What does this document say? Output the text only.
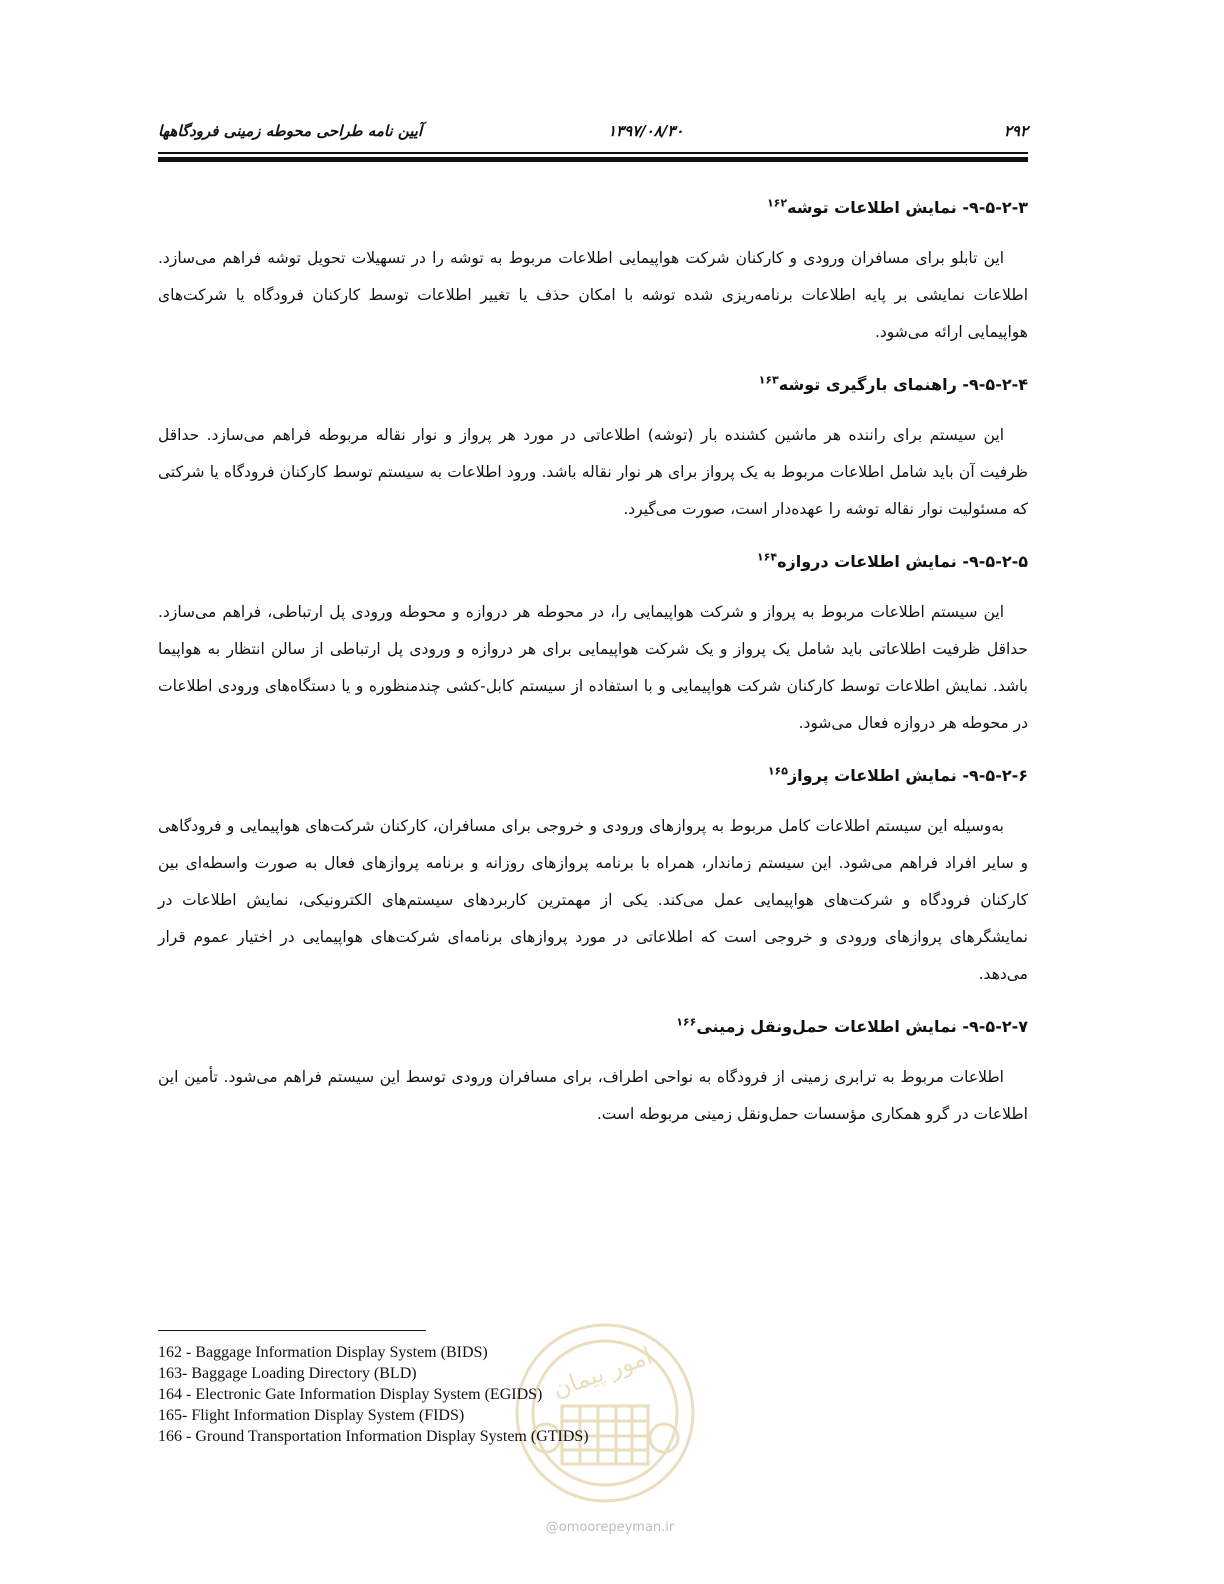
۲۹۲
۱۳۹۷/۰۸/۳۰
آیین نامه طراحی محوطه زمینی فرودگاهها
۹-۵-۲-۳- نمایش اطلاعات توشه$^{۱۶۲}$

این تابلو برای مسافران ورودی و کارکنان شرکت هواپیمایی اطلاعات مربوط به توشه را در تسهیلات تحویل توشه فراهم می‌سازد. اطلاعات نمایشی بر پایه اطلاعات برنامه‌ریزی شده توشه با امکان حذف یا تغییر اطلاعات توسط کارکنان فرودگاه یا شرکت‌های هواپیمایی ارائه می‌شود.

۹-۵-۲-۴- راهنمای بارگیری توشه$^{۱۶۳}$

این سیستم برای راننده هر ماشین کشنده بار (توشه) اطلاعاتی در مورد هر پرواز و نوار نقاله مربوطه فراهم می‌سازد. حداقل ظرفیت آن باید شامل اطلاعات مربوط به یک پرواز برای هر نوار نقاله باشد. ورود اطلاعات به سیستم توسط کارکنان فرودگاه یا شرکتی که مسئولیت نوار نقاله توشه را عهده‌دار است، صورت می‌گیرد.

۹-۵-۲-۵- نمایش اطلاعات دروازه$^{۱۶۴}$

این سیستم اطلاعات مربوط به پرواز و شرکت هواپیمایی را، در محوطه هر دروازه و محوطه ورودی پل ارتباطی، فراهم می‌سازد. حداقل ظرفیت اطلاعاتی باید شامل یک پرواز و یک شرکت هواپیمایی برای هر دروازه و ورودی پل ارتباطی از سالن انتظار به هواپیما باشد. نمایش اطلاعات توسط کارکنان شرکت هواپیمایی و با استفاده از سیستم کابل-کشی چندمنظوره و یا دستگاه‌های ورودی اطلاعات در محوطه هر دروازه فعال می‌شود.

۹-۵-۲-۶- نمایش اطلاعات پرواز$^{۱۶۵}$

به‌وسیله این سیستم اطلاعات کامل مربوط به پروازهای ورودی و خروجی برای مسافران، کارکنان شرکت‌های هواپیمایی و فرودگاهی و سایر افراد فراهم می‌شود. این سیستم زماندار، همراه با برنامه پروازهای روزانه و برنامه پروازهای فعال به صورت واسطه‌ای بین کارکنان فرودگاه و شرکت‌های هواپیمایی عمل می‌کند. یکی از مهمترین کاربردهای سیستم‌های الکترونیکی، نمایش اطلاعات در نمایشگرهای پروازهای ورودی و خروجی است که اطلاعاتی در مورد پروازهای برنامه‌ای شرکت‌های هواپیمایی در اختیار عموم قرار می‌دهد.

۹-۵-۲-۷- نمایش اطلاعات حمل‌ونقل زمینی$^{۱۶۶}$

اطلاعات مربوط به ترابری زمینی از فرودگاه به نواحی اطراف، برای مسافران ورودی توسط این سیستم فراهم می‌شود. تأمین این اطلاعات در گرو همکاری مؤسسات حمل‌ونقل زمینی مربوطه است.

امور پیمان
@omoorepeyman.ir
162 - Baggage Information Display System (BIDS)
163- Baggage Loading Directory (BLD)
164 - Electronic Gate Information Display System (EGIDS)
165- Flight Information Display System (FIDS)
166 - Ground Transportation Information Display System (GTIDS)
